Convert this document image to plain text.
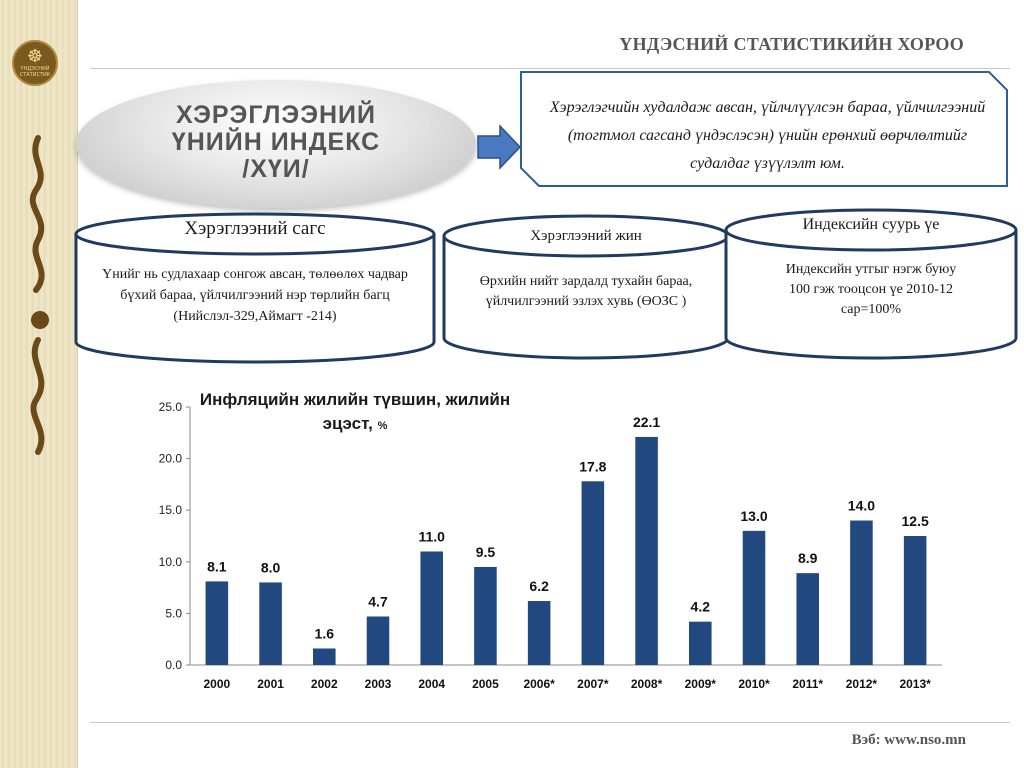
☸
ҮНДЭСНИЙ СТАТИСТИК
ҮНДЭСНИЙ СТАТИСТИКИЙН ХОРОО
ХЭРЭГЛЭЭНИЙ
ҮНИЙН ИНДЕКС
/ХҮИ/
Хэрэглэгчийн худалдаж авсан, үйлчлүүлсэн бараа, үйлчилгээний (тогтмол сагсанд үндэслэсэн) үнийн ерөнхий өөрчлөлтийг судалдаг үзүүлэлт юм.
Хэрэглээний сагс
Үнийг нь судлахаар сонгож авсан, төлөөлөх чадвар бүхий бараа, үйлчилгээний нэр төрлийн багц (Нийслэл-329,Аймагт -214)
Хэрэглээний жин
Өрхийн нийт зардалд тухайн бараа, үйлчилгээний эзлэх хувь (ӨОЗС )
Индексийн суурь үе
Индексийн утгыг нэгж буюу 100 гэж тооцсон үе 2010-12 сар=100%
Инфляцийн жилийн түвшин, жилийн эцэст, %
0.0
5.0
10.0
15.0
20.0
25.0
8.1
2000
8.0
2001
1.6
2002
4.7
2003
11.0
2004
9.5
2005
6.2
2006*
17.8
2007*
22.1
2008*
4.2
2009*
13.0
2010*
8.9
2011*
14.0
2012*
12.5
2013*
Вэб: www.nso.mn
